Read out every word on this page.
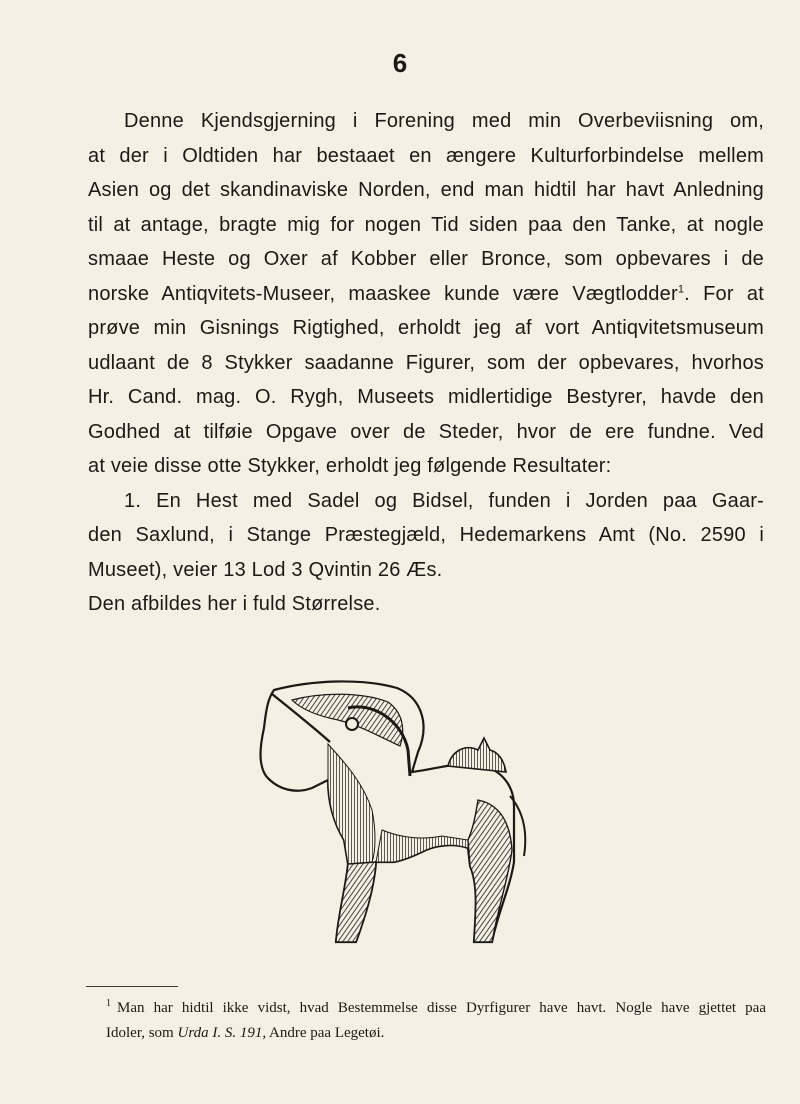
6

Denne Kjendsgjerning i Forening med min Overbeviisning om,

at der i Oldtiden har bestaaet en ængere Kulturforbindelse mellem

Asien og det skandinaviske Norden, end man hidtil har havt Anledning

til at antage, bragte mig for nogen Tid siden paa den Tanke, at nogle

smaae Heste og Oxer af Kobber eller Bronce, som opbevares i de

norske Antiqvitets-Museer, maaskee kunde være Vægtlodder$^1$. For at

prøve min Gisnings Rigtighed, erholdt jeg af vort Antiqvitetsmuseum

udlaant de 8 Stykker saadanne Figurer, som der opbevares, hvorhos

Hr. Cand. mag. O. Rygh, Museets midlertidige Bestyrer, havde den

Godhed at tilføie Opgave over de Steder, hvor de ere fundne. Ved

at veie disse otte Stykker, erholdt jeg følgende Resultater:

1. En Hest med Sadel og Bidsel, funden i Jorden paa Gaar-

den Saxlund, i Stange Præstegjæld, Hedemarkens Amt (No. 2590 i

Museet), veier 13 Lod 3 Qvintin 26 Æs.

Den afbildes her i fuld Størrelse.

$^1$ Man har hidtil ikke vidst, hvad Bestemmelse disse Dyrfigurer have havt. Nogle have gjettet paa

Idoler, som Urda I. S. 191, Andre paa Legetøi.
